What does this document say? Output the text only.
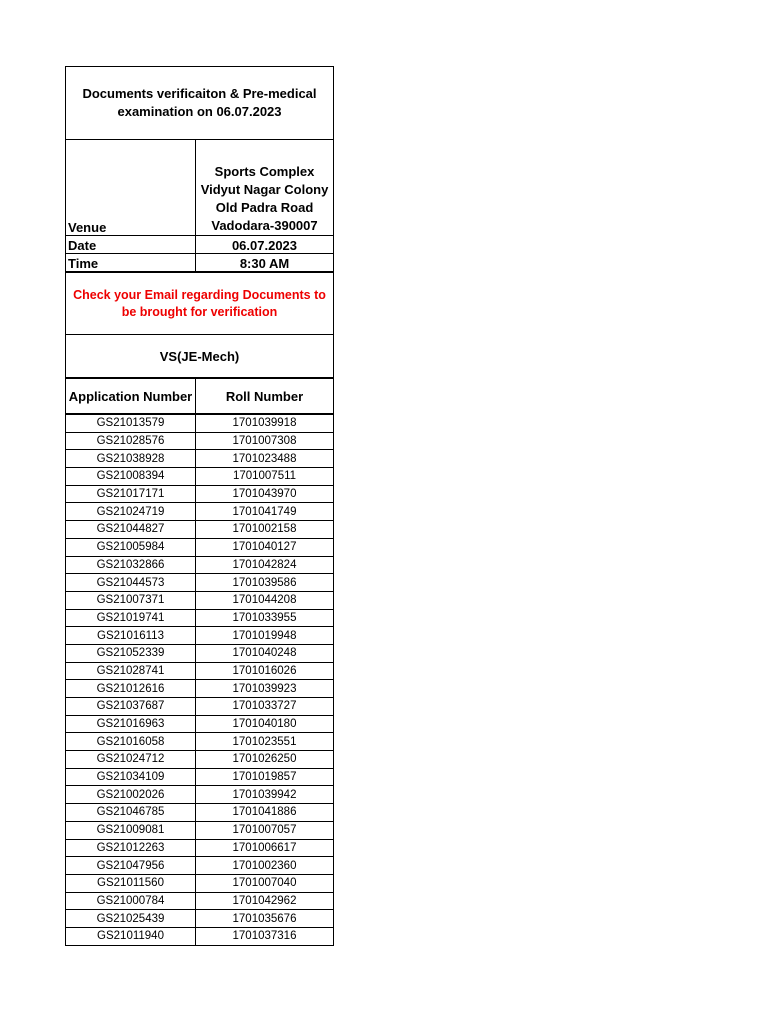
Documents verificaiton & Pre-medical
examination on 06.07.2023
Venue
Sports Complex
Vidyut Nagar Colony
Old Padra Road
Vadodara-390007
Date	06.07.2023
Time	8:30 AM
Check your Email regarding Documents to
be brought for verification
VS(JE-Mech)
Application Number	Roll Number
GS21013579	1701039918
GS21028576	1701007308
GS21038928	1701023488
GS21008394	1701007511
GS21017171	1701043970
GS21024719	1701041749
GS21044827	1701002158
GS21005984	1701040127
GS21032866	1701042824
GS21044573	1701039586
GS21007371	1701044208
GS21019741	1701033955
GS21016113	1701019948
GS21052339	1701040248
GS21028741	1701016026
GS21012616	1701039923
GS21037687	1701033727
GS21016963	1701040180
GS21016058	1701023551
GS21024712	1701026250
GS21034109	1701019857
GS21002026	1701039942
GS21046785	1701041886
GS21009081	1701007057
GS21012263	1701006617
GS21047956	1701002360
GS21011560	1701007040
GS21000784	1701042962
GS21025439	1701035676
GS21011940	1701037316
